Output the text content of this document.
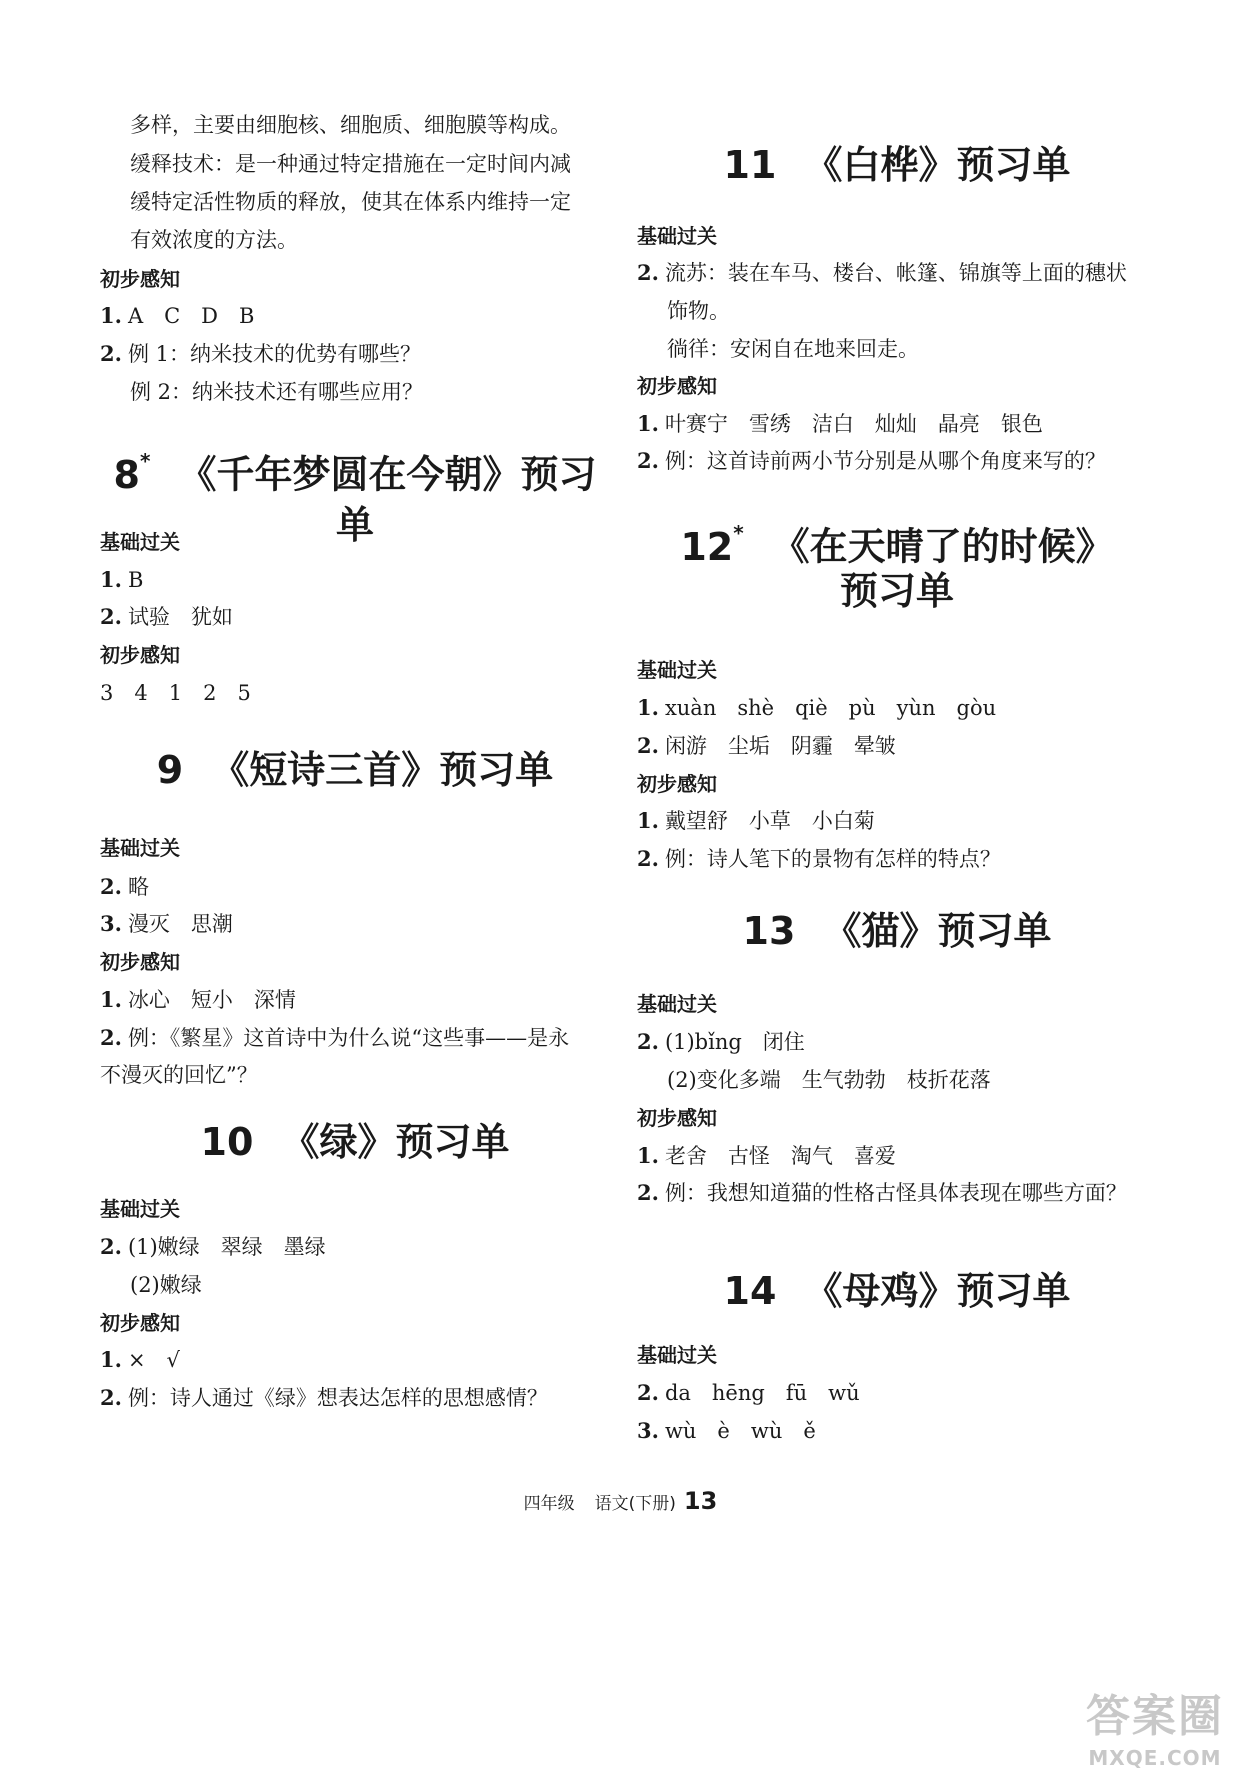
多样，主要由细胞核、细胞质、细胞膜等构成。
缓释技术：是一种通过特定措施在一定时间内减
缓特定活性物质的释放，使其在体系内维持一定
有效浓度的方法。
初步感知
1. A　C　D　B
2. 例 1：纳米技术的优势有哪些？
例 2：纳米技术还有哪些应用？
8* 《千年梦圆在今朝》预习单
基础过关
1. B
2. 试验　犹如
初步感知
3　4　1　2　5
9 《短诗三首》预习单
基础过关
2. 略
3. 漫灭　思潮
初步感知
1. 冰心　短小　深情
2. 例：《繁星》这首诗中为什么说“这些事——是永
不漫灭的回忆”？
10 《绿》预习单
基础过关
2. (1)嫩绿　翠绿　墨绿
(2)嫩绿
初步感知
1. ×　√
2. 例：诗人通过《绿》想表达怎样的思想感情？
11 《白桦》预习单
基础过关
2. 流苏：装在车马、楼台、帐篷、锦旗等上面的穗状
饰物。
徜徉：安闲自在地来回走。
初步感知
1. 叶赛宁　雪绣　洁白　灿灿　晶亮　银色
2. 例：这首诗前两小节分别是从哪个角度来写的？
12* 《在天晴了的时候》
预习单
基础过关
1. xuàn　shè　qiè　pù　yùn　gòu
2. 闲游　尘垢　阴霾　晕皱
初步感知
1. 戴望舒　小草　小白菊
2. 例：诗人笔下的景物有怎样的特点？
13 《猫》预习单
基础过关
2. (1)bǐng　闭住
(2)变化多端　生气勃勃　枝折花落
初步感知
1. 老舍　古怪　淘气　喜爱
2. 例：我想知道猫的性格古怪具体表现在哪些方面？
14 《母鸡》预习单
基础过关
2. da　hēng　fū　wǔ
3. wù　è　wù　ě
四年级 语文(下册) 13
答案圈
MXQE.COM
